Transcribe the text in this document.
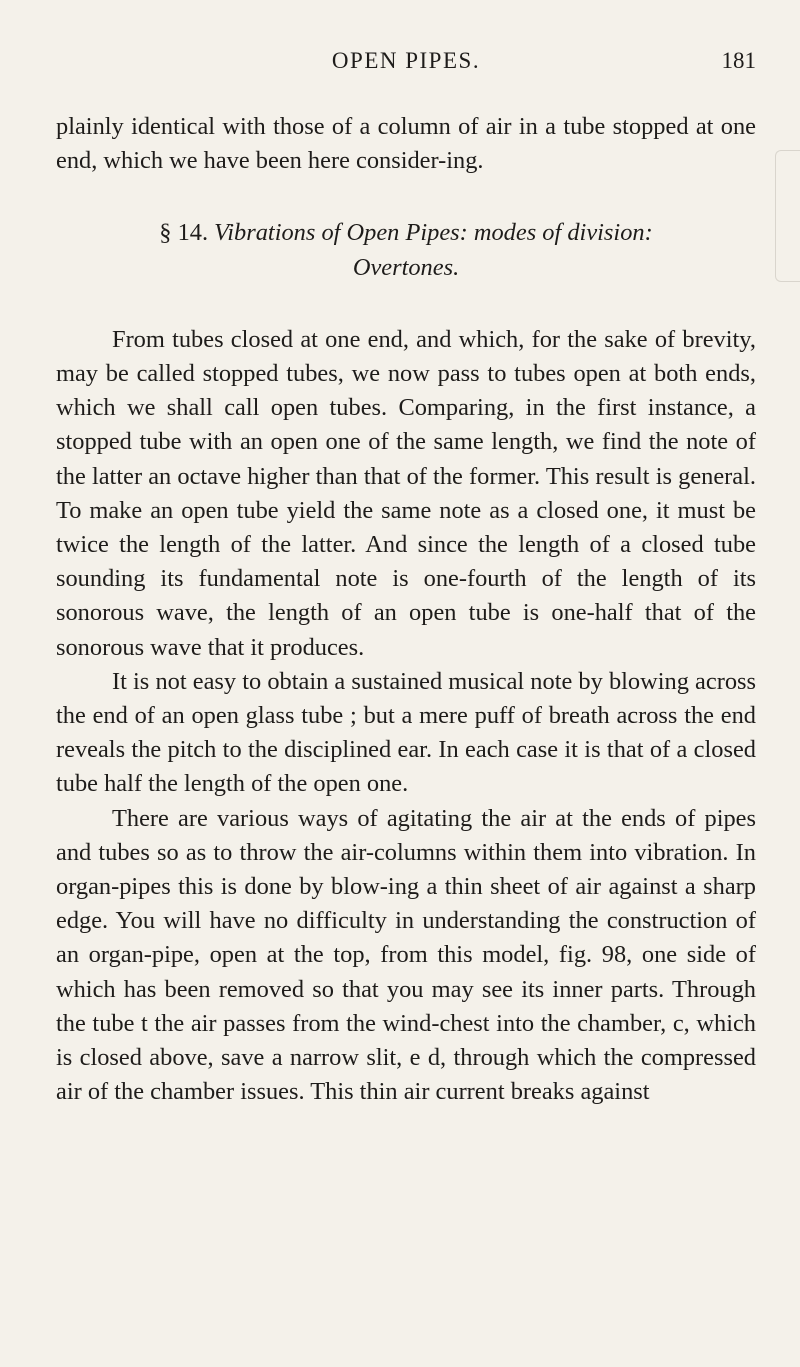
OPEN PIPES.	181

plainly identical with those of a column of air in a tube stopped at one end, which we have been here consider-ing.

§ 14. Vibrations of Open Pipes: modes of division:
Overtones.

From tubes closed at one end, and which, for the sake of brevity, may be called stopped tubes, we now pass to tubes open at both ends, which we shall call open tubes. Comparing, in the first instance, a stopped tube with an open one of the same length, we find the note of the latter an octave higher than that of the former. This result is general. To make an open tube yield the same note as a closed one, it must be twice the length of the latter. And since the length of a closed tube sounding its fundamental note is one-fourth of the length of its sonorous wave, the length of an open tube is one-half that of the sonorous wave that it produces.

It is not easy to obtain a sustained musical note by blowing across the end of an open glass tube ; but a mere puff of breath across the end reveals the pitch to the disciplined ear. In each case it is that of a closed tube half the length of the open one.

There are various ways of agitating the air at the ends of pipes and tubes so as to throw the air-columns within them into vibration. In organ-pipes this is done by blow-ing a thin sheet of air against a sharp edge. You will have no difficulty in understanding the construction of an organ-pipe, open at the top, from this model, fig. 98, one side of which has been removed so that you may see its inner parts. Through the tube t the air passes from the wind-chest into the chamber, c, which is closed above, save a narrow slit, e d, through which the compressed air of the chamber issues. This thin air current breaks against
